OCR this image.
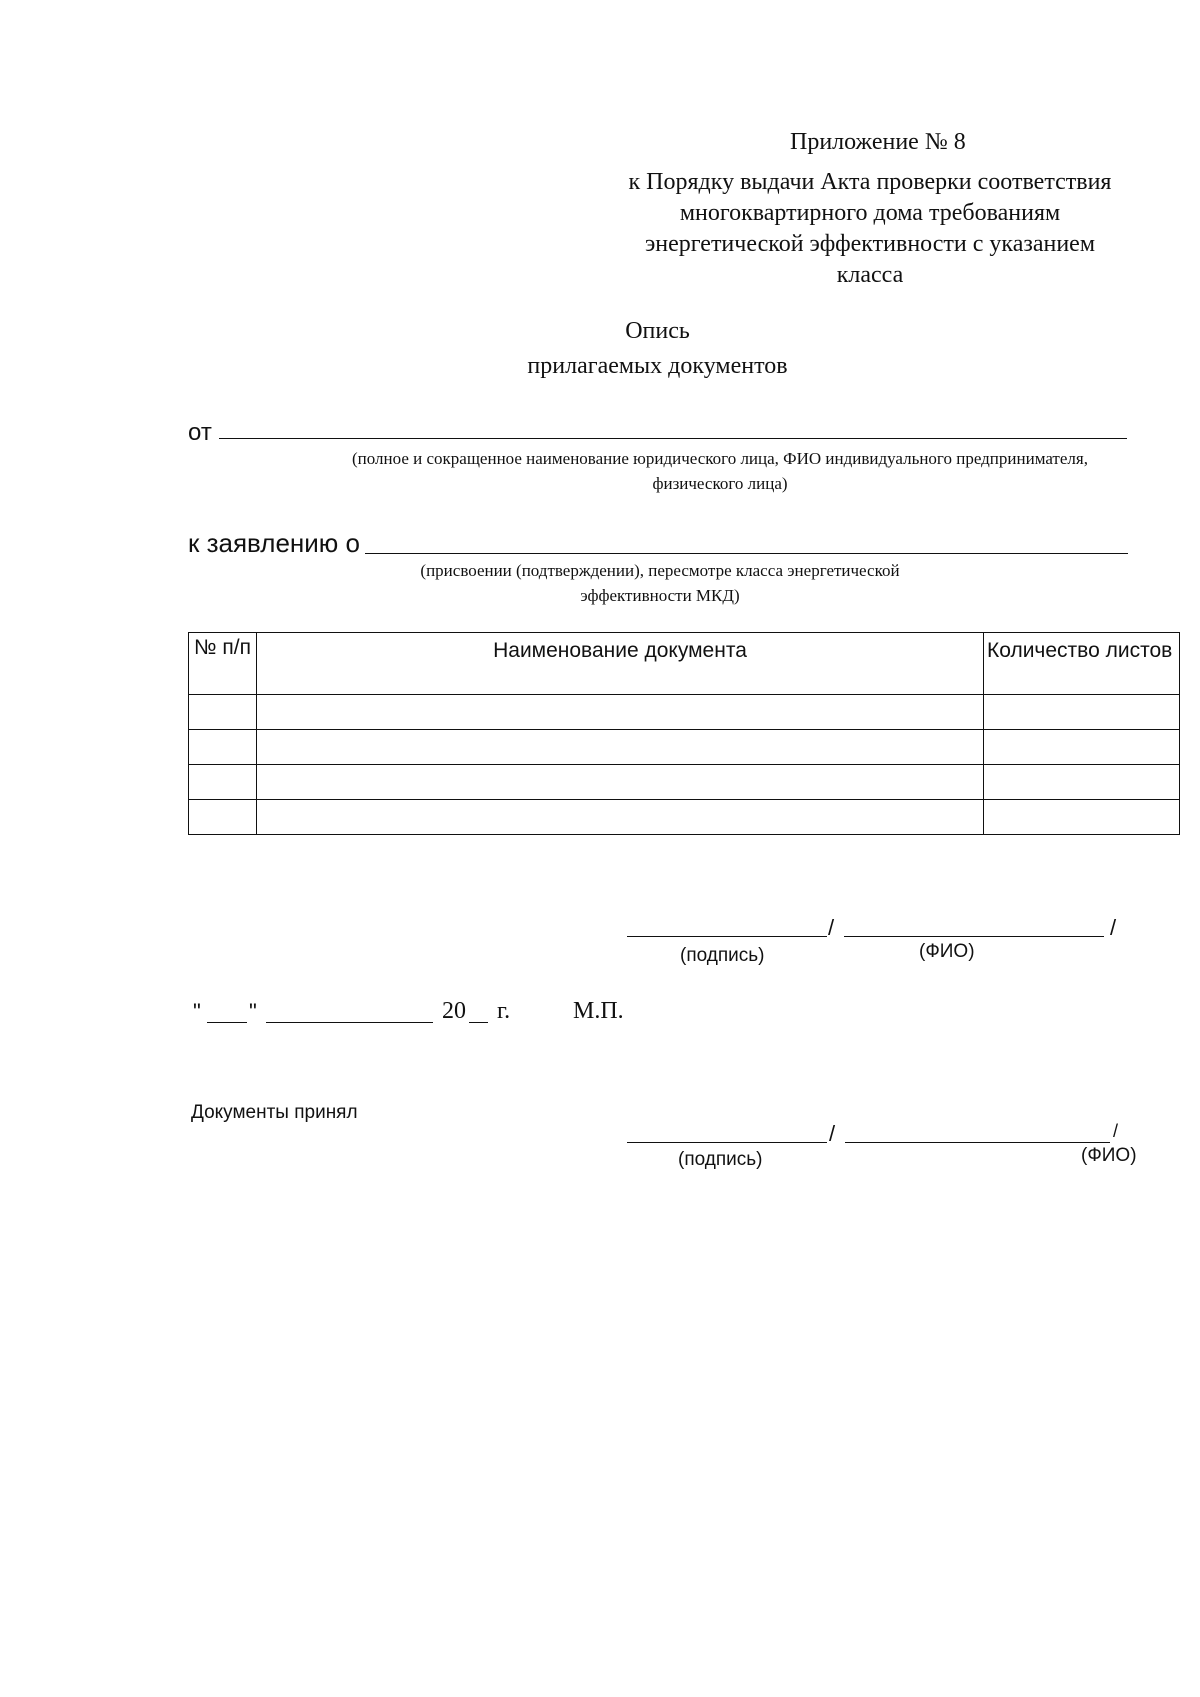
Приложение № 8
к Порядку выдачи Акта проверки соответствия многоквартирного дома требованиям энергетической эффективности с указанием класса
Опись
прилагаемых документов
от
(полное и сокращенное наименование юридического лица, ФИО индивидуального предпринимателя, физического лица)
к заявлению о
(присвоении (подтверждении), пересмотре класса энергетической эффективности МКД)
№ п/п	Наименование документа	Количество листов

/	/
(подпись)	(ФИО)
" "	20 г.	М.П.
Документы принял
/	/
(подпись)	(ФИО)
